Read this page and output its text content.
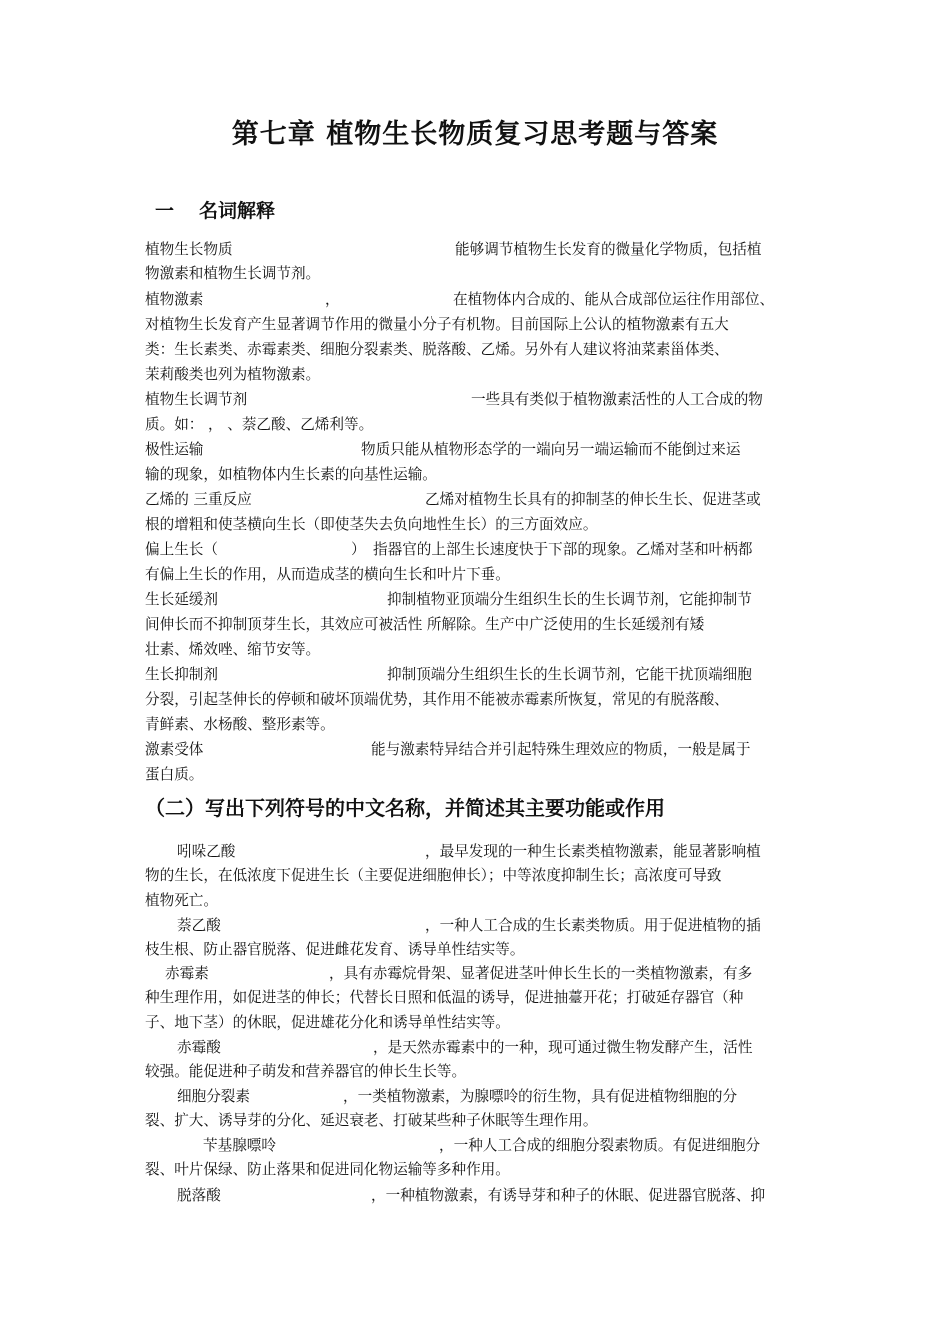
第七章 植物生长物质复习思考题与答案
一 名词解释
植物生长物质	能够调节植物生长发育的微量化学物质，包括植
物激素和植物生长调节剂。
植物激素	，	在植物体内合成的、能从合成部位运往作用部位、
对植物生长发育产生显著调节作用的微量小分子有机物。目前国际上公认的植物激素有五大
类：生长素类、赤霉素类、细胞分裂素类、脱落酸、乙烯。另外有人建议将油菜素甾体类、
茉莉酸类也列为植物激素。
植物生长调节剂	一些具有类似于植物激素活性的人工合成的物
质。如： ， 、萘乙酸、乙烯利等。
极性运输	物质只能从植物形态学的一端向另一端运输而不能倒过来运
输的现象，如植物体内生长素的向基性运输。
乙烯的 三重反应	乙烯对植物生长具有的抑制茎的伸长生长、促进茎或
根的增粗和使茎横向生长（即使茎失去负向地性生长）的三方面效应。
偏上生长（	） 指器官的上部生长速度快于下部的现象。乙烯对茎和叶柄都
有偏上生长的作用，从而造成茎的横向生长和叶片下垂。
生长延缓剂	抑制植物亚顶端分生组织生长的生长调节剂，它能抑制节
间伸长而不抑制顶芽生长，其效应可被活性 所解除。生产中广泛使用的生长延缓剂有矮
壮素、烯效唑、缩节安等。
生长抑制剂	抑制顶端分生组织生长的生长调节剂，它能干扰顶端细胞
分裂，引起茎伸长的停顿和破坏顶端优势，其作用不能被赤霉素所恢复，常见的有脱落酸、
青鲜素、水杨酸、整形素等。
激素受体	能与激素特异结合并引起特殊生理效应的物质，一般是属于
蛋白质。
（二）写出下列符号的中文名称，并简述其主要功能或作用
吲哚乙酸	，最早发现的一种生长素类植物激素，能显著影响植
物的生长，在低浓度下促进生长（主要促进细胞伸长）；中等浓度抑制生长；高浓度可导致
植物死亡。
萘乙酸	，一种人工合成的生长素类物质。用于促进植物的插
枝生根、防止器官脱落、促进雌花发育、诱导单性结实等。
赤霉素	，具有赤霉烷骨架、显著促进茎叶伸长生长的一类植物激素，有多
种生理作用，如促进茎的伸长；代替长日照和低温的诱导，促进抽薹开花；打破延存器官（种
子、地下茎）的休眠，促进雄花分化和诱导单性结实等。
赤霉酸	，是天然赤霉素中的一种，现可通过微生物发酵产生，活性
较强。能促进种子萌发和营养器官的伸长生长等。
细胞分裂素	，一类植物激素，为腺嘌呤的衍生物，具有促进植物细胞的分
裂、扩大、诱导芽的分化、延迟衰老、打破某些种子休眠等生理作用。
苄基腺嘌呤	，一种人工合成的细胞分裂素物质。有促进细胞分
裂、叶片保绿、防止落果和促进同化物运输等多种作用。
脱落酸	，一种植物激素，有诱导芽和种子的休眠、促进器官脱落、抑
